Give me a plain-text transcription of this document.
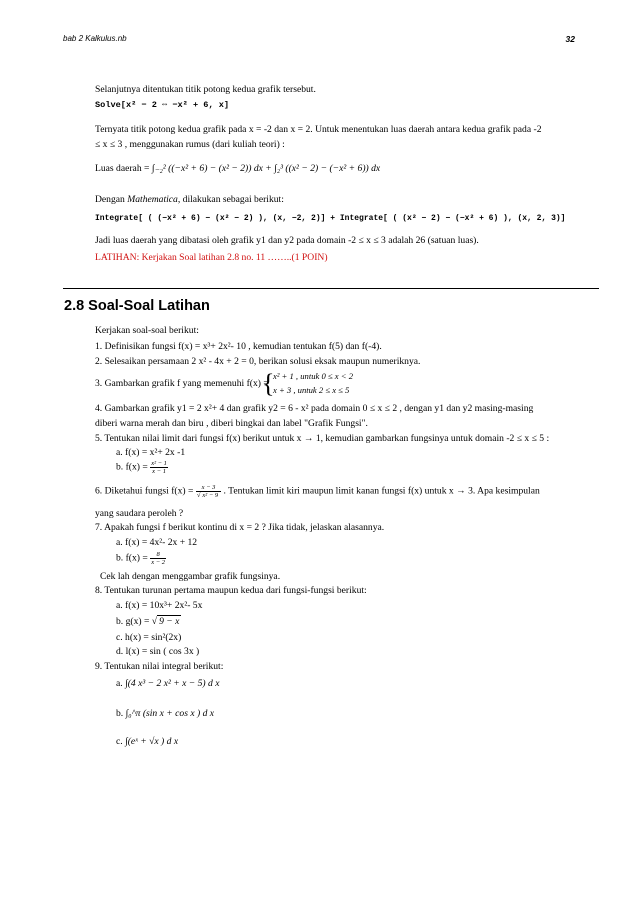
bab 2 Kalkulus.nb	32
Selanjutnya ditentukan titik potong kedua grafik tersebut.
Solve[x² − 2 ⇔ −x² + 6, x]
Ternyata titik potong kedua grafik pada x = -2 dan x = 2. Untuk menentukan luas daerah antara kedua grafik pada -2
≤ x ≤ 3 , menggunakan rumus (dari kuliah teori) :
Luas daerah = ∫₋₂² ((−x² + 6) − (x² − 2)) dx + ∫₂³ ((x² − 2) − (−x² + 6)) dx
Dengan Mathematica, dilakukan sebagai berikut:
Integrate[ ( (−x² + 6) − (x² − 2) ), (x, −2, 2)] + Integrate[ ( (x² − 2) − (−x² + 6) ), (x, 2, 3)]
Jadi luas daerah yang dibatasi oleh grafik y1 dan y2 pada domain -2 ≤ x ≤ 3 adalah 26 (satuan luas).
LATIHAN: Kerjakan Soal latihan 2.8 no. 11 ……..(1 POIN)
2.8 Soal-Soal Latihan
Kerjakan soal-soal berikut:
1. Definisikan fungsi f(x) = x³+ 2x²- 10 , kemudian tentukan f(5) dan f(-4).
2. Selesaikan persamaan 2 x² - 4x + 2 = 0, berikan solusi eksak maupun numeriknya.
3. Gambarkan grafik f yang memenuhi f(x) =
{
x² + 1 , untuk 0 ≤ x < 2
x + 3 , untuk 2 ≤ x ≤ 5
4. Gambarkan grafik y1 = 2 x²+ 4 dan grafik y2 = 6 - x² pada domain 0 ≤ x ≤ 2 , dengan y1 dan y2 masing-masing
diberi warna merah dan biru , diberi bingkai dan label "Grafik Fungsi".
5. Tentukan nilai limit dari fungsi f(x) berikut untuk x → 1, kemudian gambarkan fungsinya untuk domain -2 ≤ x ≤ 5 :
a. f(x) = x²+ 2x -1
b. $f(x) = \frac{\text{x² − 1}}{x - 1}$
6. Diketahui fungsi $f(x) = \frac{x - 3}{\text{√ x² − 9}}$ . Tentukan limit kiri maupun limit kanan fungsi f(x) untuk x → 3. Apa kesimpulan
yang saudara peroleh ?
7. Apakah fungsi f berikut kontinu di x = 2 ? Jika tidak, jelaskan alasannya.
a. f(x) = 4x²- 2x + 12
b. $f(x) = \frac{8}{x - 2}$
Cek lah dengan menggambar grafik fungsinya.
8. Tentukan turunan pertama maupun kedua dari fungsi-fungsi berikut:
a. f(x) = 10x³+ 2x²- 5x
b. g(x) = √ 9 − x
c. h(x) = sin²(2x)
d. l(x) = sin ( cos 3x )
9. Tentukan nilai integral berikut:
a. ∫(4 x³ − 2 x² + x − 5) d x
b. ∫₀^π (sin x + cos x ) d x
c. ∫(eˣ + √x ) d x
